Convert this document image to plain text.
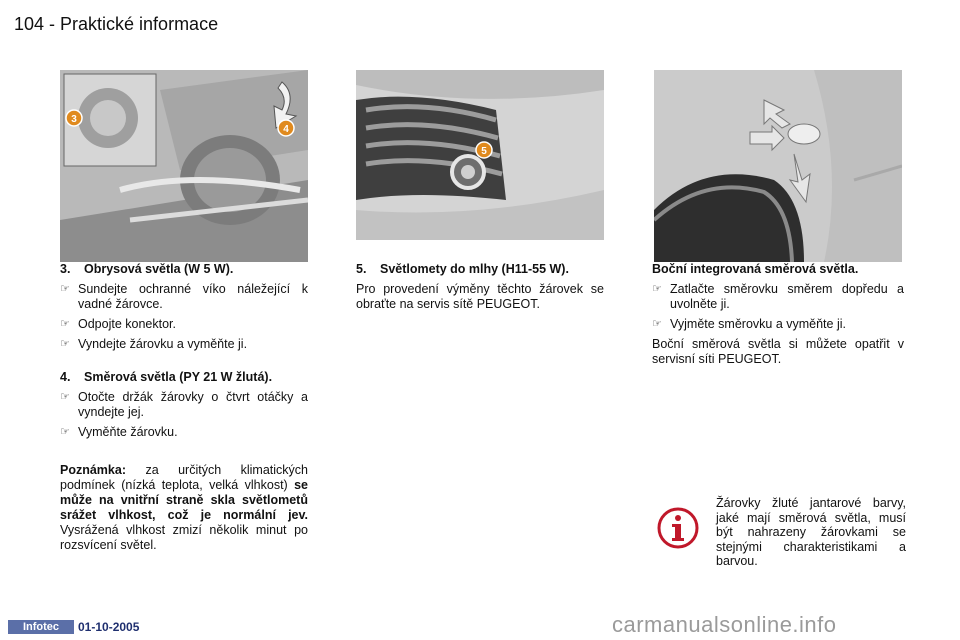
104 - Praktické informace
3
4
5
3.	Obrysová světla (W 5 W).
☞ Sundejte ochranné víko náležející k vadné žárovce.
☞ Odpojte konektor.
☞ Vyndejte žárovku a vyměňte ji.
4.	Směrová světla (PY 21 W žlutá).
☞ Otočte držák žárovky o čtvrt otáčky a vyndejte jej.
☞ Vyměňte žárovku.
Poznámka: za určitých klimatických podmínek (nízká teplota, velká vlhkost) se může na vnitřní straně skla světlometů srážet vlhkost, což je normální jev. Vysrážená vlhkost zmizí několik minut po rozsvícení světel.
5.	Světlomety do mlhy (H11-55 W).
Pro provedení výměny těchto žárovek se obraťte na servis sítě PEUGEOT.
Boční integrovaná směrová světla.
☞ Zatlačte směrovku směrem dopředu a uvolněte ji.
☞ Vyjměte směrovku a vyměňte ji.
Boční směrová světla si můžete opatřit v servisní síti PEUGEOT.
Žárovky žluté jantarové barvy, jaké mají směrová světla, musí být nahrazeny žárovkami se stejnými charakteristikami a barvou.
Infotec	01-10-2005	carmanualsonline.info
